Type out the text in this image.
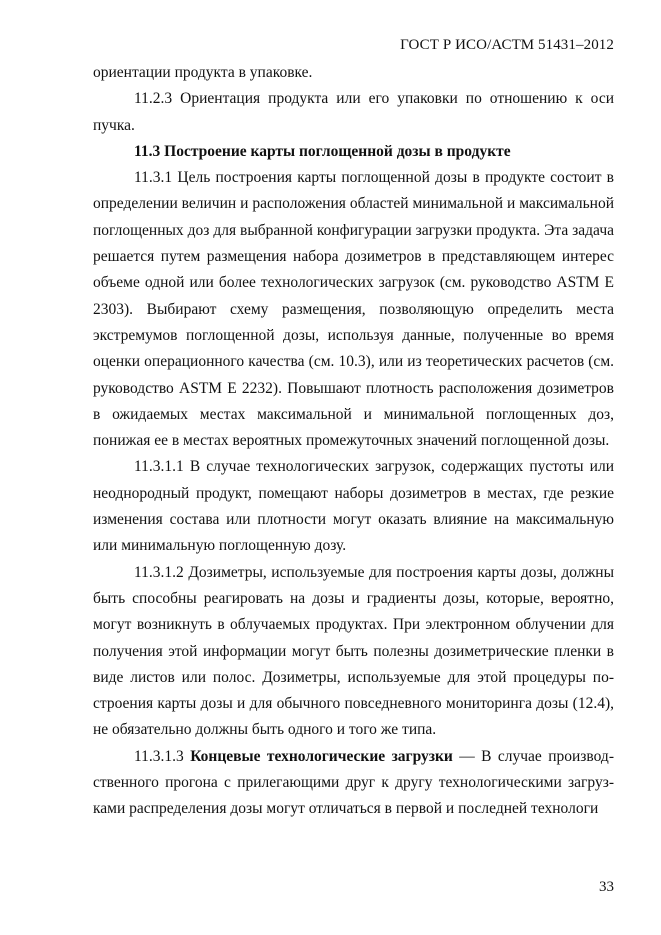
ГОСТ Р ИСО/АСТМ 51431–2012

ориентации продукта в упаковке.

11.2.3 Ориентация продукта или его упаковки по отношению к оси пучка.

11.3 Построение карты поглощенной дозы в продукте

11.3.1 Цель построения карты поглощенной дозы в продукте состоит в определении величин и расположения областей минимальной и максимальной поглощенных доз для выбранной конфигурации загрузки продукта. Эта задача решается путем размещения набора дозиметров в представляющем интерес объеме одной или более технологических загрузок (см. руководство ASTM E 2303). Выбирают схему размещения, позволяющую определить места экстремумов поглощенной дозы, используя данные, полученные во время оценки операционного качества (см. 10.3), или из теоретических расчетов (см. руководство ASTM E 2232). Повышают плотность расположения дозиметров в ожидаемых местах максимальной и минимальной поглощенных доз, понижая ее в местах вероятных промежуточных значений поглощенной дозы.

11.3.1.1 В случае технологических загрузок, содержащих пустоты или неоднородный продукт, помещают наборы дозиметров в местах, где резкие изменения состава или плотности могут оказать влияние на максимальную или минимальную поглощенную дозу.

11.3.1.2 Дозиметры, используемые для построения карты дозы, должны быть способны реагировать на дозы и градиенты дозы, которые, вероятно, могут возникнуть в облучаемых продуктах. При электронном облучении для получения этой информации могут быть полезны дозиметрические пленки в виде листов или полос. Дозиметры, используемые для этой процедуры построения карты дозы и для обычного повседневного мониторинга дозы (12.4), не обязательно должны быть одного и того же типа.

11.3.1.3 Концевые технологические загрузки — В случае производственного прогона с прилегающими друг к другу технологическими загрузками распределения дозы могут отличаться в первой и последней технологи

33
